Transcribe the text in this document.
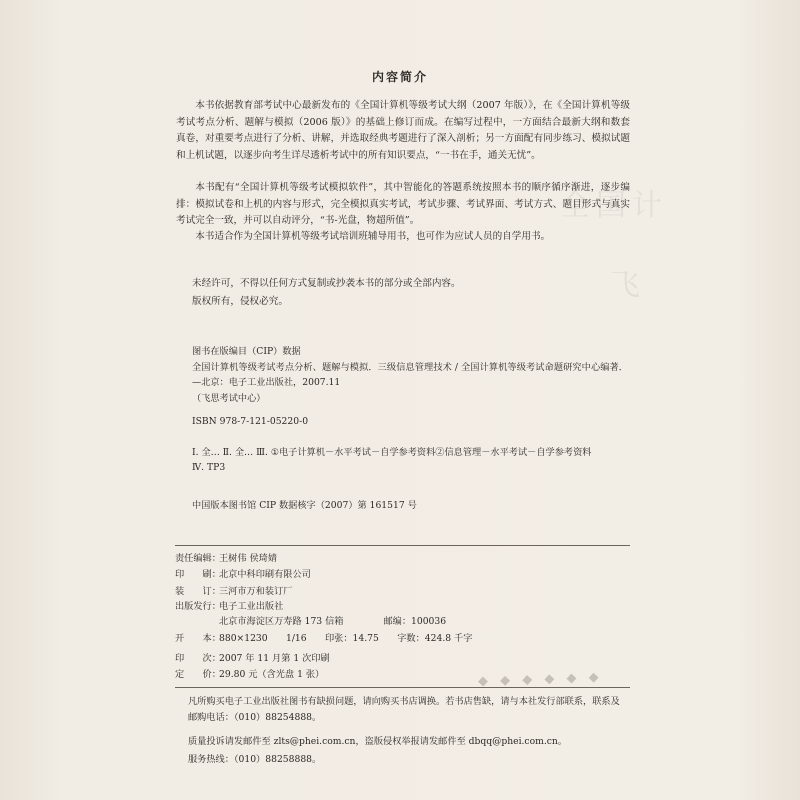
全国计
飞
内容简介

本书依据教育部考试中心最新发布的《全国计算机等级考试大纲（2007 年版）》，在《全国计算机等级考试考点分析、题解与模拟（2006 版）》的基础上修订而成。在编写过程中，一方面结合最新大纲和数套真卷，对重要考点进行了分析、讲解，并选取经典考题进行了深入剖析；另一方面配有同步练习、模拟试题和上机试题，以逐步向考生详尽透析考试中的所有知识要点，“一书在手，通关无忧”。

本书配有“全国计算机等级考试模拟软件”，其中智能化的答题系统按照本书的顺序循序渐进，逐步编排：模拟试卷和上机的内容与形式，完全模拟真实考试，考试步骤、考试界面、考试方式、题目形式与真实考试完全一致，并可以自动评分，“书-光盘，物超所值”。

本书适合作为全国计算机等级考试培训班辅导用书，也可作为应试人员的自学用书。

未经许可，不得以任何方式复制或抄袭本书的部分或全部内容。
版权所有，侵权必究。
图书在版编目（CIP）数据

全国计算机等级考试考点分析、题解与模拟．三级信息管理技术 / 全国计算机等级考试命题研究中心编著．—北京：电子工业出版社，2007.11

（飞思考试中心）
ISBN 978-7-121-05220-0
Ⅰ. 全… Ⅱ. 全… Ⅲ. ①电子计算机－水平考试－自学参考资料②信息管理－水平考试－自学参考资料
Ⅳ. TP3
中国版本图书馆 CIP 数据核字（2007）第 161517 号
责任编辑：王树伟 侯琦婧
印　　刷：北京中科印刷有限公司
装　　订：三河市万和装订厂
出版发行：电子工业出版社
北京市海淀区万寿路 173 信箱	邮编：100036
开　　本：880×1230　　1/16　　印张：14.75　　字数：424.8 千字
印　　次：2007 年 11 月第 1 次印刷
定　　价：29.80 元（含光盘 1 张）	◆ ◆ ◆ ◆ ◆ ◆

凡所购买电子工业出版社图书有缺损问题，请向购买书店调换。若书店售缺，请与本社发行部联系，联系及邮购电话：（010）88254888。

质量投诉请发邮件至 zlts@phei.com.cn，盗版侵权举报请发邮件至 dbqq@phei.com.cn。

服务热线：（010）88258888。
